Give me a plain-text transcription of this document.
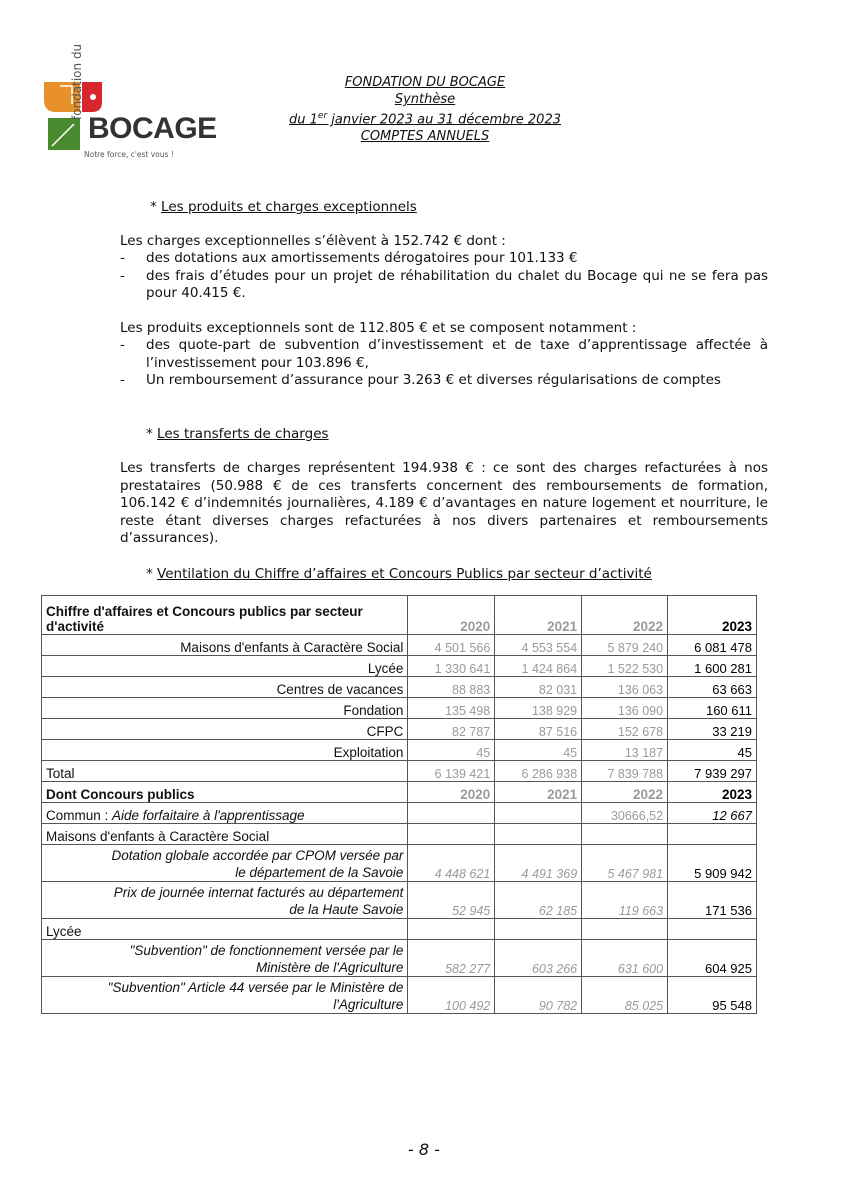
fondation du
BOCAGE
Notre force, c'est vous !
FONDATION DU BOCAGE
Synthèse
du 1er janvier 2023 au 31 décembre 2023
COMPTES ANNUELS
* Les produits et charges exceptionnels
Les charges exceptionnelles s’élèvent à 152.742 € dont :
-	des dotations aux amortissements dérogatoires pour 101.133 €
-	des frais d’études pour un projet de réhabilitation du chalet du Bocage qui ne se fera pas pour 40.415 €.
Les produits exceptionnels sont de 112.805 € et se composent notamment :
-	des quote-part de subvention d’investissement et de taxe d’apprentissage affectée à l’investissement pour 103.896 €,
-	Un remboursement d’assurance pour 3.263 € et diverses régularisations de comptes
* Les transferts de charges
Les transferts de charges représentent 194.938 € : ce sont des charges refacturées à nos prestataires (50.988 € de ces transferts concernent des remboursements de formation, 106.142 € d’indemnités journalières, 4.189 € d’avantages en nature logement et nourriture, le reste étant diverses charges refacturées à nos divers partenaires et remboursements d’assurances).
* Ventilation du Chiffre d’affaires et Concours Publics par secteur d’activité
Chiffre d'affaires et Concours publics par secteur
d'activité	2020	2021	2022	2023
Maisons d'enfants à Caractère Social	4 501 566	4 553 554	5 879 240	6 081 478
Lycée	1 330 641	1 424 864	1 522 530	1 600 281
Centres de vacances	88 883	82 031	136 063	63 663
Fondation	135 498	138 929	136 090	160 611
CFPC	82 787	87 516	152 678	33 219
Exploitation	45	45	13 187	45
Total	6 139 421	6 286 938	7 839 788	7 939 297
Dont Concours publics	2020	2021	2022	2023
Commun : Aide forfaitaire à l'apprentissage			30666,52	12 667
Maisons d'enfants à Caractère Social				

Dotation globale accordée par CPOM versée par
le département de la Savoie	4 448 621	4 491 369	5 467 981	5 909 942

Prix de journée internat facturés au département
de la Haute Savoie	52 945	62 185	119 663	171 536
Lycée				

"Subvention" de fonctionnement versée par le
Ministère de l'Agriculture	582 277	603 266	631 600	604 925

"Subvention" Article 44 versée par le Ministère de
l'Agriculture	100 492	90 782	85 025	95 548
- 8 -
